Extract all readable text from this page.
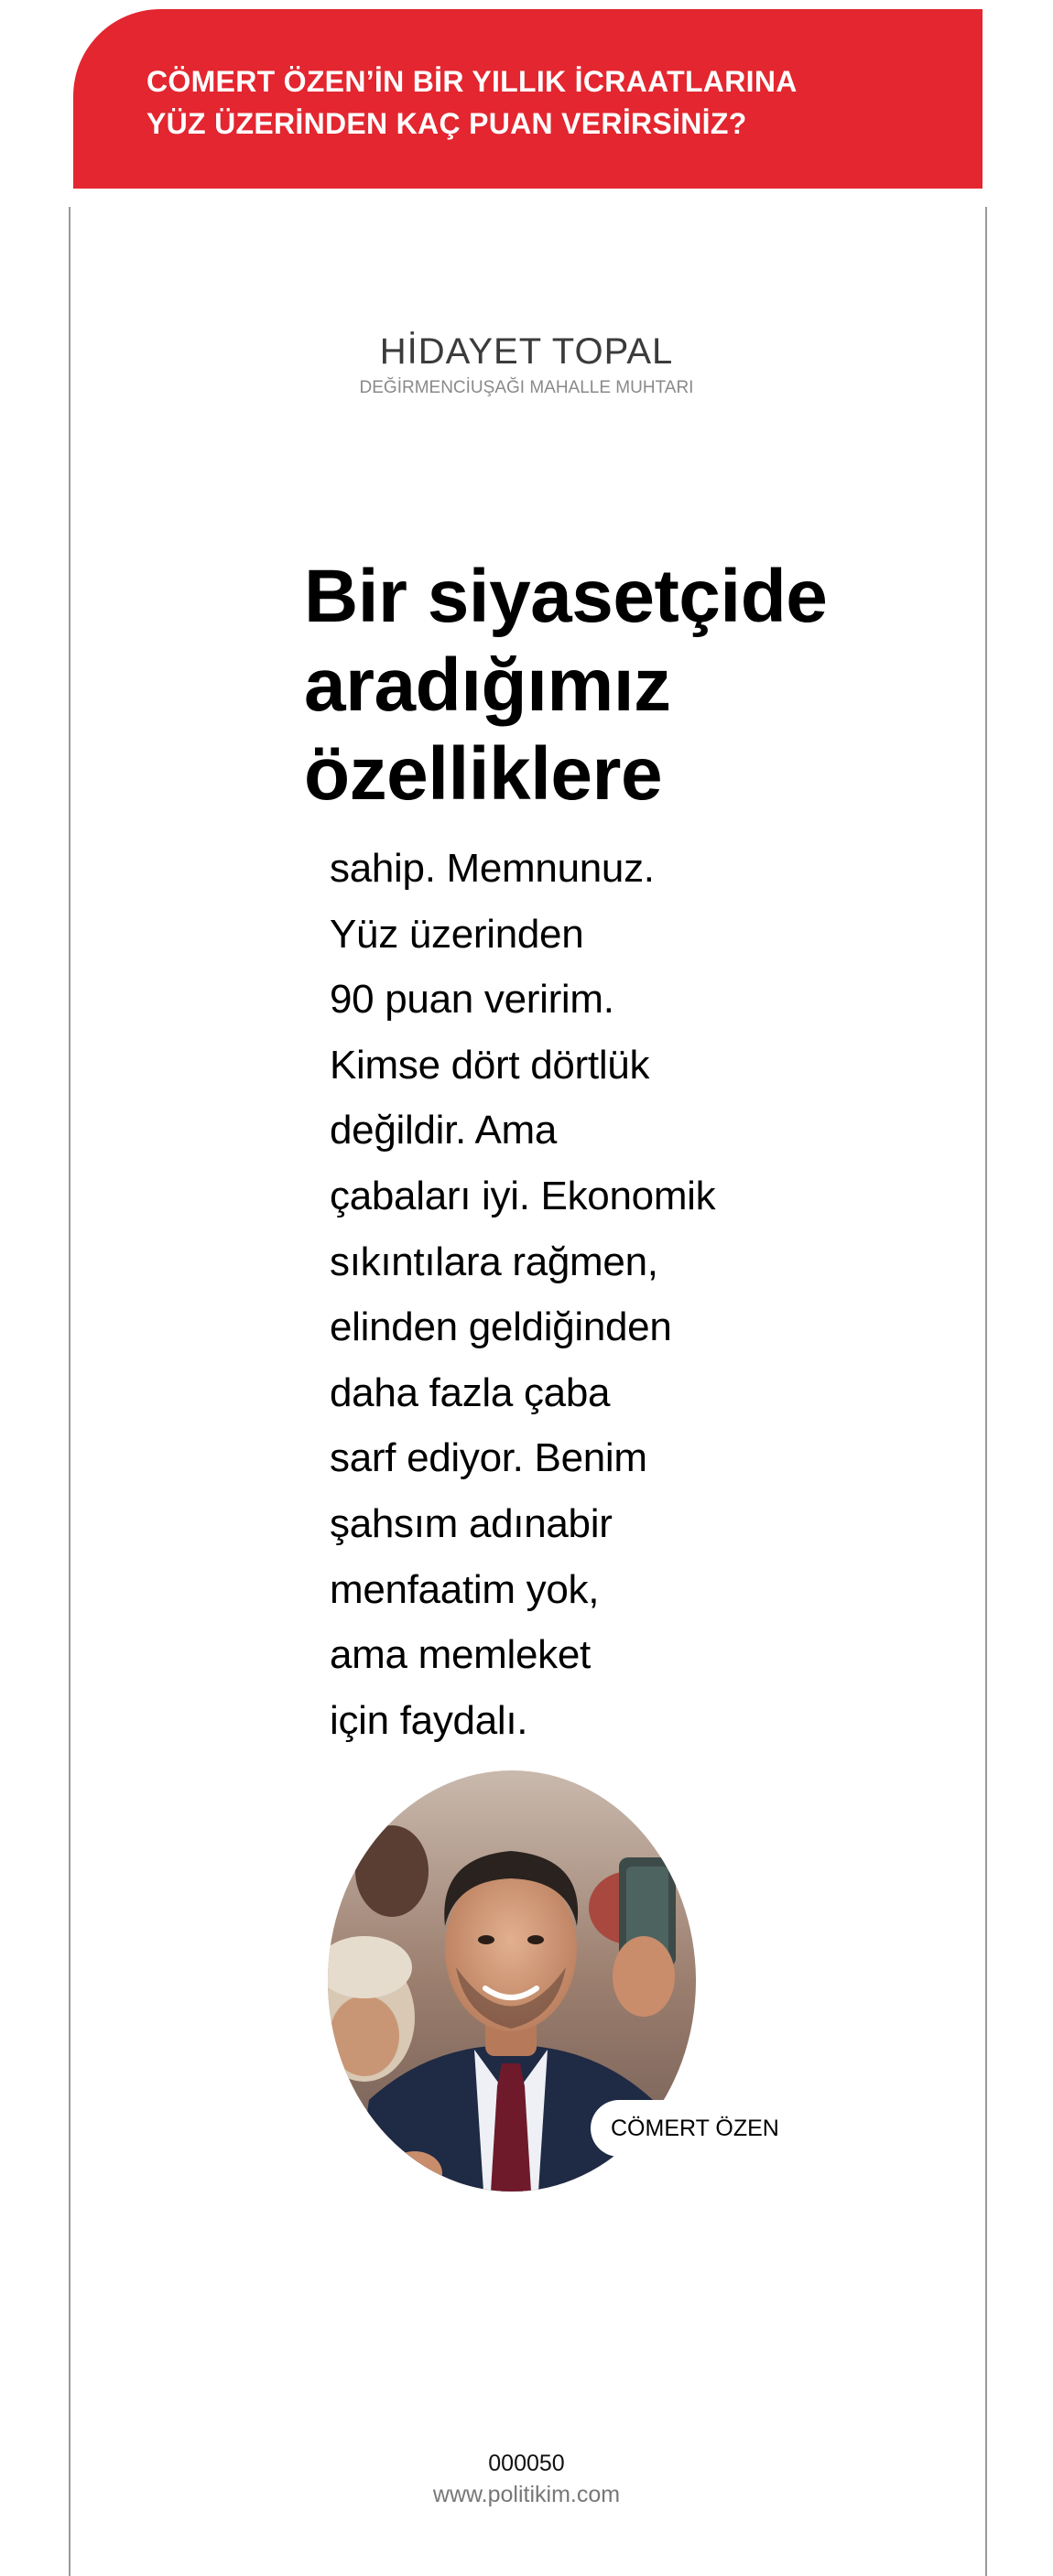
CÖMERT ÖZEN’İN BİR YILLIK İCRAATLARINA
YÜZ ÜZERİNDEN KAÇ PUAN VERİRSİNİZ?
HİDAYET TOPAL
DEĞİRMENCİUŞAĞI MAHALLE MUHTARI
Bir siyasetçide
aradığımız
özelliklere
sahip. Memnunuz.
Yüz üzerinden
90 puan veririm.
Kimse dört dörtlük
değildir. Ama
çabaları iyi. Ekonomik
sıkıntılara rağmen,
elinden geldiğinden
daha fazla çaba
sarf ediyor. Benim
şahsım adınabir
menfaatim yok,
ama memleket
için faydalı.
CÖMERT ÖZEN
000050
www.politikim.com
